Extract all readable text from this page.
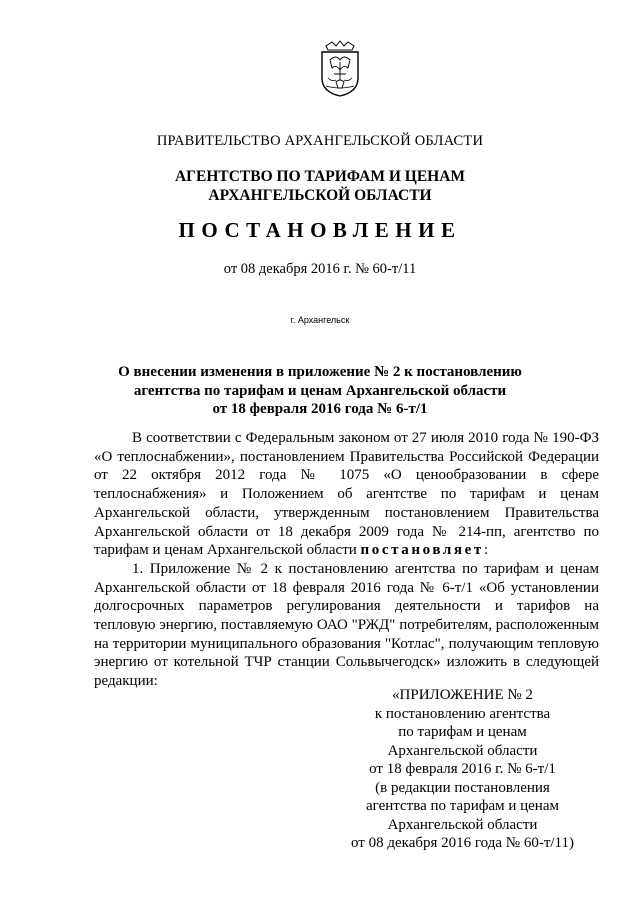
ПРАВИТЕЛЬСТВО АРХАНГЕЛЬСКОЙ ОБЛАСТИ
АГЕНТСТВО ПО ТАРИФАМ И ЦЕНАМ
АРХАНГЕЛЬСКОЙ ОБЛАСТИ
ПОСТАНОВЛЕНИЕ
от 08 декабря 2016 г. № 60-т/11
г. Архангельск
О внесении изменения в приложение № 2 к постановлению
агентства по тарифам и ценам Архангельской области
от 18 февраля 2016 года № 6-т/1

В соответствии с Федеральным законом от 27 июля 2010 года № 190-ФЗ «О теплоснабжении», постановлением Правительства Российской Федерации от 22 октября 2012 года № 1075 «О ценообразовании в сфере теплоснабжения» и Положением об агентстве по тарифам и ценам Архангельской области, утвержденным постановлением Правительства Архангельской области от 18 декабря 2009 года № 214-пп, агентство по тарифам и ценам Архангельской области постановляет:

1. Приложение № 2 к постановлению агентства по тарифам и ценам Архангельской области от 18 февраля 2016 года № 6-т/1 «Об установлении долгосрочных параметров регулирования деятельности и тарифов на тепловую энергию, поставляемую ОАО "РЖД" потребителям, расположенным на территории муниципального образования "Котлас", получающим тепловую энергию от котельной ТЧР станции Сольвычегодск» изложить в следующей редакции:

«ПРИЛОЖЕНИЕ № 2
к постановлению агентства
по тарифам и ценам
Архангельской области
от 18 февраля 2016 г. № 6-т/1
(в редакции постановления
агентства по тарифам и ценам
Архангельской области
от 08 декабря 2016 года № 60-т/11)
